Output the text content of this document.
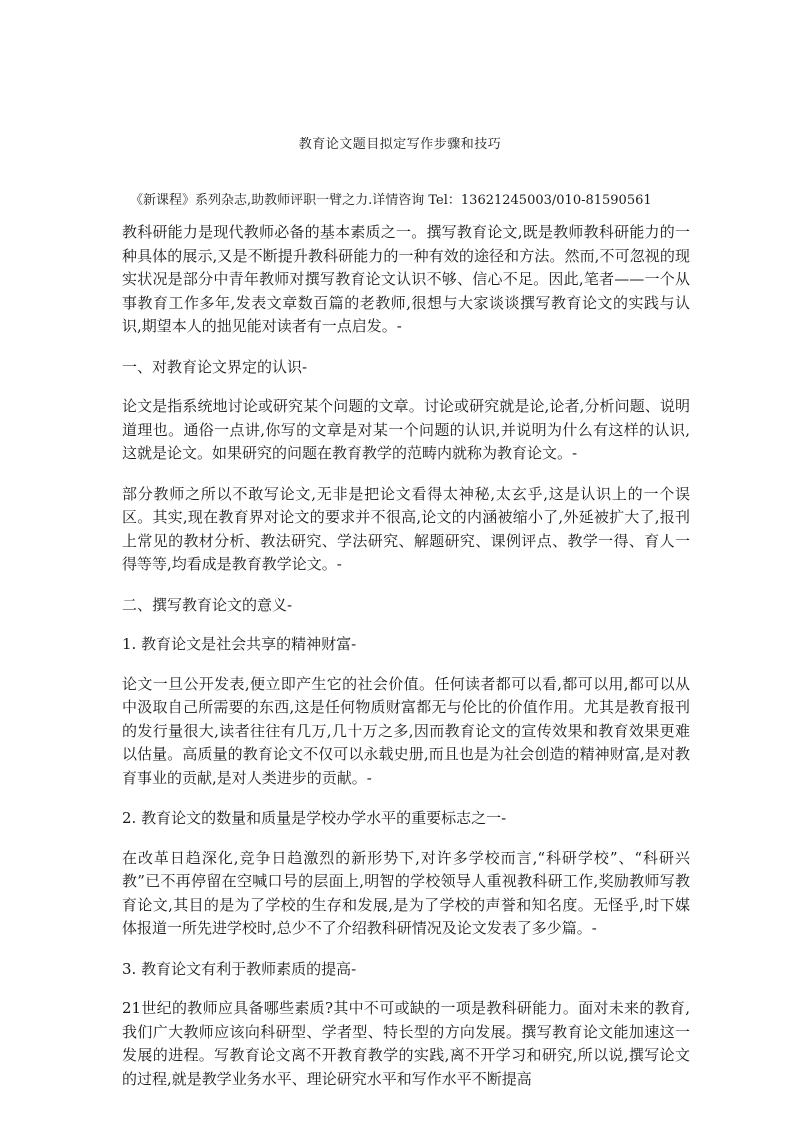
教育论文题目拟定写作步骤和技巧
《新课程》系列杂志,助教师评职一臂之力.详情咨询 Tel：13621245003/010-81590561

教科研能力是现代教师必备的基本素质之一。撰写教育论文,既是教师教科研能力的一种具体的展示,又是不断提升教科研能力的一种有效的途径和方法。然而,不可忽视的现实状况是部分中青年教师对撰写教育论文认识不够、信心不足。因此,笔者——一个从事教育工作多年,发表文章数百篇的老教师,很想与大家谈谈撰写教育论文的实践与认识,期望本人的拙见能对读者有一点启发。-

一、对教育论文界定的认识-

论文是指系统地讨论或研究某个问题的文章。讨论或研究就是论,论者,分析问题、说明道理也。通俗一点讲,你写的文章是对某一个问题的认识,并说明为什么有这样的认识,这就是论文。如果研究的问题在教育教学的范畴内就称为教育论文。-

部分教师之所以不敢写论文,无非是把论文看得太神秘,太玄乎,这是认识上的一个误区。其实,现在教育界对论文的要求并不很高,论文的内涵被缩小了,外延被扩大了,报刊上常见的教材分析、教法研究、学法研究、解题研究、课例评点、教学一得、育人一得等等,均看成是教育教学论文。-

二、撰写教育论文的意义-

1. 教育论文是社会共享的精神财富-

论文一旦公开发表,便立即产生它的社会价值。任何读者都可以看,都可以用,都可以从中汲取自己所需要的东西,这是任何物质财富都无与伦比的价值作用。尤其是教育报刊的发行量很大,读者往往有几万,几十万之多,因而教育论文的宣传效果和教育效果更难以估量。高质量的教育论文不仅可以永载史册,而且也是为社会创造的精神财富,是对教育事业的贡献,是对人类进步的贡献。-

2. 教育论文的数量和质量是学校办学水平的重要标志之一-

在改革日趋深化,竞争日趋激烈的新形势下,对许多学校而言,“科研学校”、“科研兴教”已不再停留在空喊口号的层面上,明智的学校领导人重视教科研工作,奖励教师写教育论文,其目的是为了学校的生存和发展,是为了学校的声誉和知名度。无怪乎,时下媒体报道一所先进学校时,总少不了介绍教科研情况及论文发表了多少篇。-

3. 教育论文有利于教师素质的提高-

21世纪的教师应具备哪些素质?其中不可或缺的一项是教科研能力。面对未来的教育,我们广大教师应该向科研型、学者型、特长型的方向发展。撰写教育论文能加速这一发展的进程。写教育论文离不开教育教学的实践,离不开学习和研究,所以说,撰写论文的过程,就是教学业务水平、理论研究水平和写作水平不断提高
